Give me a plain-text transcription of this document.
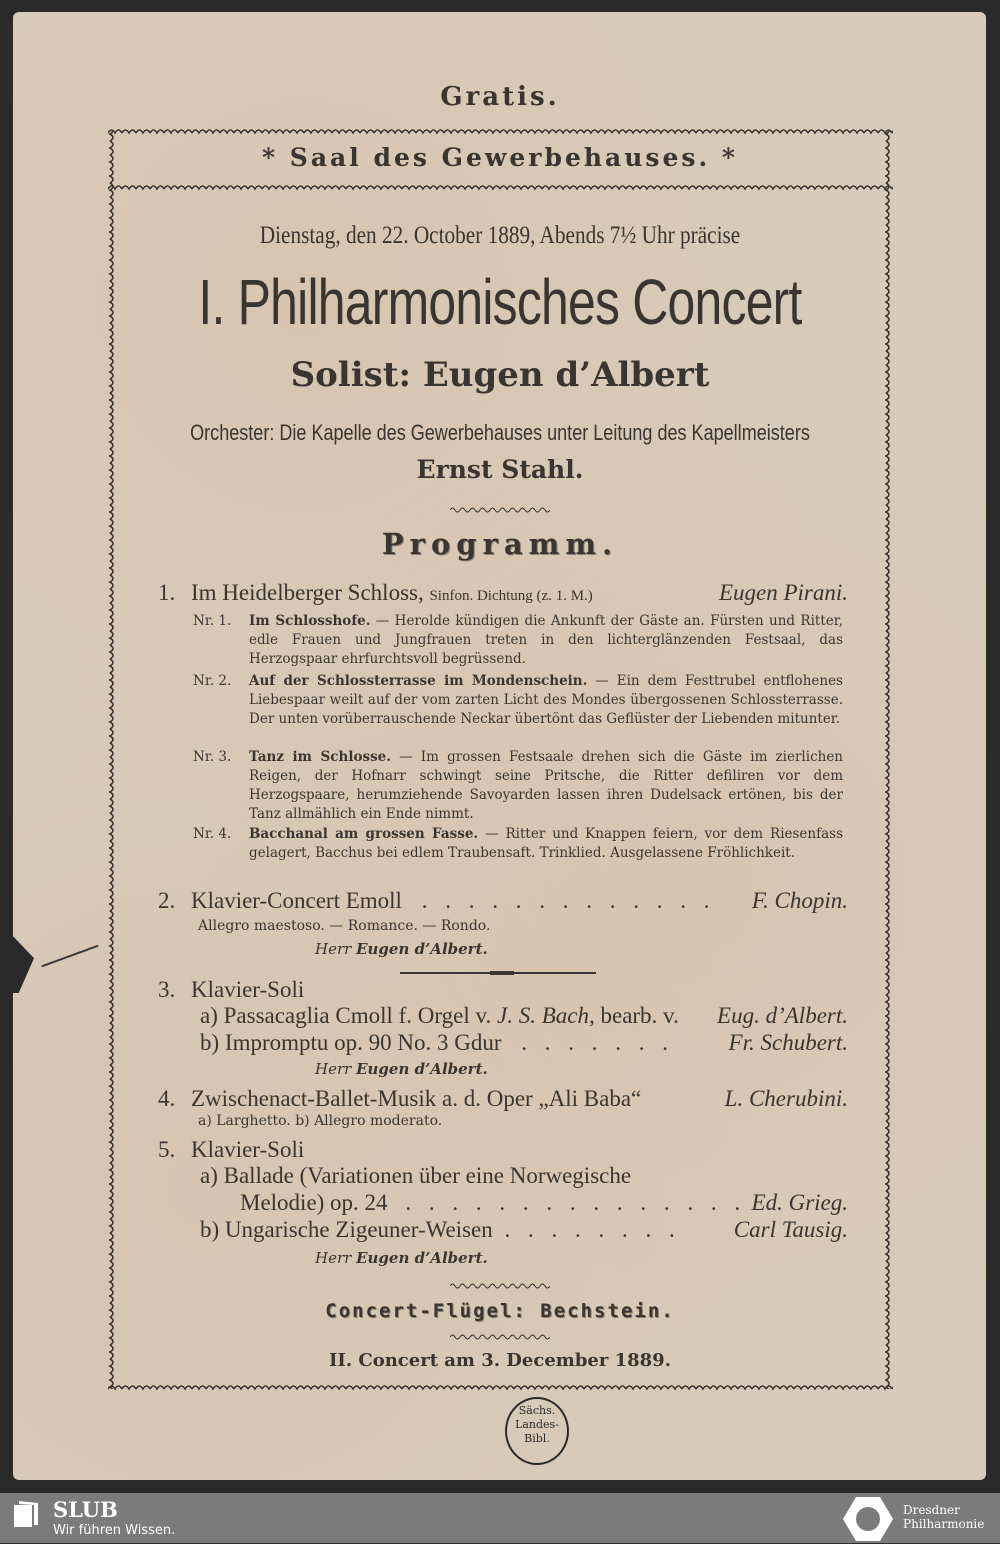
Gratis.
* Saal des Gewerbehauses. *
Dienstag, den 22. October 1889, Abends 7½ Uhr präcise
I. Philharmonisches Concert
Solist: Eugen d’Albert
Orchester: Die Kapelle des Gewerbehauses unter Leitung des Kapellmeisters
Ernst Stahl.
Programm.
1. Im Heidelberger Schloss, Sinfon. Dichtung (z. 1. M.)	Eugen Pirani.
Nr. 1. Im Schlosshofe. — Herolde kündigen die Ankunft der Gäste an. Fürsten und Ritter, edle Frauen und Jungfrauen treten in den lichterglänzenden Festsaal, das Herzogspaar ehrfurchtsvoll begrüssend.
Nr. 2. Auf der Schlossterrasse im Mondenschein. — Ein dem Festtrubel entflohenes Liebespaar weilt auf der vom zarten Licht des Mondes übergossenen Schlossterrasse. Der unten vorüberrauschende Neckar übertönt das Geflüster der Liebenden mitunter.
Nr. 3. Tanz im Schlosse. — Im grossen Festsaale drehen sich die Gäste im zierlichen Reigen, der Hofnarr schwingt seine Pritsche, die Ritter defiliren vor dem Herzogspaare, herumziehende Savoyarden lassen ihren Dudelsack ertönen, bis der Tanz allmählich ein Ende nimmt.
Nr. 4. Bacchanal am grossen Fasse. — Ritter und Knappen feiern, vor dem Riesenfass gelagert, Bacchus bei edlem Traubensaft. Trinklied. Ausgelassene Fröhlichkeit.
2. Klavier-Concert Emoll . . . . . . . . . . . . . F. Chopin.
Allegro maestoso. — Romance. — Rondo.
Herr Eugen d’Albert.
3. Klavier-Soli
a) Passacaglia Cmoll f. Orgel v. J. S. Bach, bearb. v. Eug. d’Albert.
b) Impromptu op. 90 No. 3 Gdur . . . . . . . Fr. Schubert.
Herr Eugen d’Albert.
4. Zwischenact-Ballet-Musik a. d. Oper „Ali Baba“	L. Cherubini.
a) Larghetto. b) Allegro moderato.
5. Klavier-Soli
a) Ballade (Variationen über eine Norwegische
Melodie) op. 24 . . . . . . . . . . . . . . . Ed. Grieg.
b) Ungarische Zigeuner-Weisen . . . . . . . . Carl Tausig.
Herr Eugen d’Albert.
Concert-Flügel: Bechstein.
II. Concert am 3. December 1889.
Sächs.
Landes-
Bibl.
SLUB
Wir führen Wissen.
Dresdner
Philharmonie
